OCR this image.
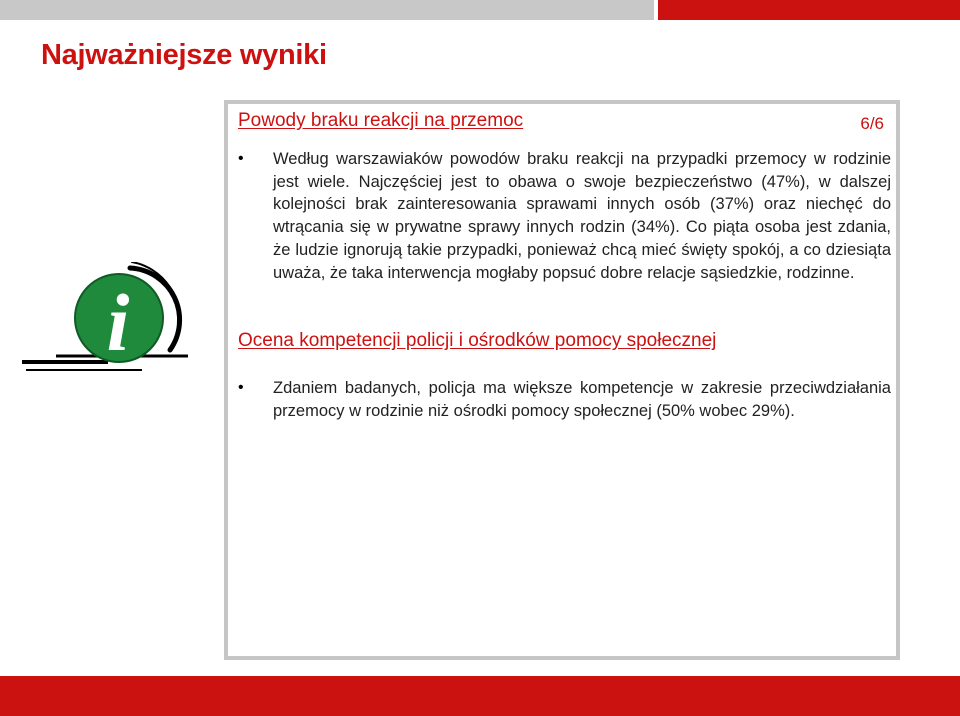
Najważniejsze wyniki
i
6/6
Powody braku reakcji na przemoc
• Według warszawiaków powodów braku reakcji na przypadki przemocy w rodzinie jest wiele. Najczęściej jest to obawa o swoje bezpieczeństwo (47%), w dalszej kolejności brak zainteresowania sprawami innych osób (37%) oraz niechęć do wtrącania się w prywatne sprawy innych rodzin (34%). Co piąta osoba jest zdania, że ludzie ignorują takie przypadki, ponieważ chcą mieć święty spokój, a co dziesiąta uważa, że taka interwencja mogłaby popsuć dobre relacje sąsiedzkie, rodzinne.

Ocena kompetencji policji i ośrodków pomocy społecznej
• Zdaniem badanych, policja ma większe kompetencje w zakresie przeciwdziałania przemocy w rodzinie niż ośrodki pomocy społecznej (50% wobec 29%).
